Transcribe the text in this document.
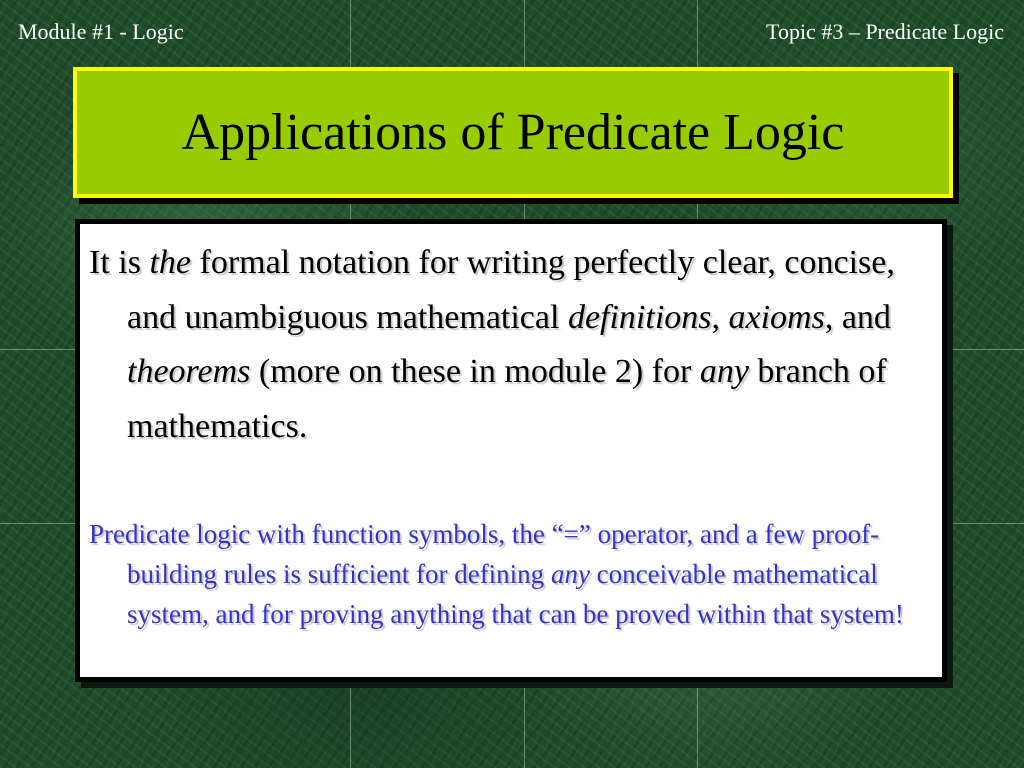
Module #1 - Logic	Topic #3 – Predicate Logic
Applications of Predicate Logic
It is the formal notation for writing perfectly clear, concise, and unambiguous mathematical definitions, axioms, and theorems (more on these in module 2) for any branch of mathematics.
Predicate logic with function symbols, the “=” operator, and a few proof-building rules is sufficient for defining any conceivable mathematical system, and for proving anything that can be proved within that system!
